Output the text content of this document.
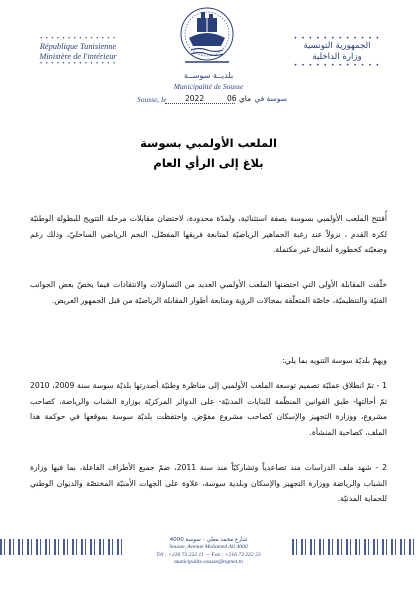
• • • • • • • • • • • • • •
République Tunisienne
Ministère de l'intérieur
• • • • • • • • • • • • • •
• • • • • • • • • • • •
الجمهورية التونسية
وزارة الداخلية
• • • • • • • • • • • •
بلديــة سوســة
Municipalité de Sousse
Sousse, le 2022	06 ماي سوسة في
الملعب الأولمبي بسوسة
بلاغ إلى الرأي العام
أُفتتح الملعب الأولمبي بسوسة بصفة استثنائية، ولمدّة محدودة، لاحتضان مقابلات مرحلة التتويج للبطولة الوطنيّة لكرة القدم ، نزولاً عند رغبة الجماهير الرياضيّة لمتابعة فريقها المفضّل، النجم الرياضي الساحليّ، وذلك رغم وضعيّته كخطورة أشغال غير مكتملة.
خلّفت المقابلة الأولى التي احتضنها الملعب الأولمبي العديد من التساؤلات والانتقادات فيما يخصّ بعض الجوانب الفنيّة والتنظيميّة، خاصّة المتعلّقة بمجالات الرؤية ومتابعة أطوار المقابلة الرياضيّة من قبل الجمهور العريض.
ويهمّ بلديّة سوسة التنويه بما يلي:
1 - تمّ انطلاق عمليّة تصميم توسعة الملعب الأولمبي إلى مناظرة وطنيّة أصدرتها بلديّة سوسة سنة 2009، 2010 ثمّ أحالتها- طبق القوانين المنظّمة للبنايات المدنيّة- على الدوائر المركزيّة بوزارة الشباب والرياضة، كصاحب مشروع، ووزارة التجهيز والإسكان كصاحب مشروع مفوّض. واحتفظت بلديّة سوسة بموقعها في حوكمة هذا الملف، كصاحبة المنشأة.
2 - شهد ملف الدراسات منذ تصاعدياً وتشاركيّاً منذ سنة 2011، ضمّ جميع الأطراف الفاعلة، بما فيها وزارة الشباب والرياضة ووزارة التجهيز والإسكان وبلدية سوسة، علاوة على الجهات الأمنيّة المختصّة والديوان الوطني للحماية المدنيّة.
شارع محمد معلي - سوسة 4000
Sousse, Avenue Mohamed Ali 4000
Tél : +216 73 222 11 — Fax : +216 73 222 23
municipalite.sousse@topnet.tn
